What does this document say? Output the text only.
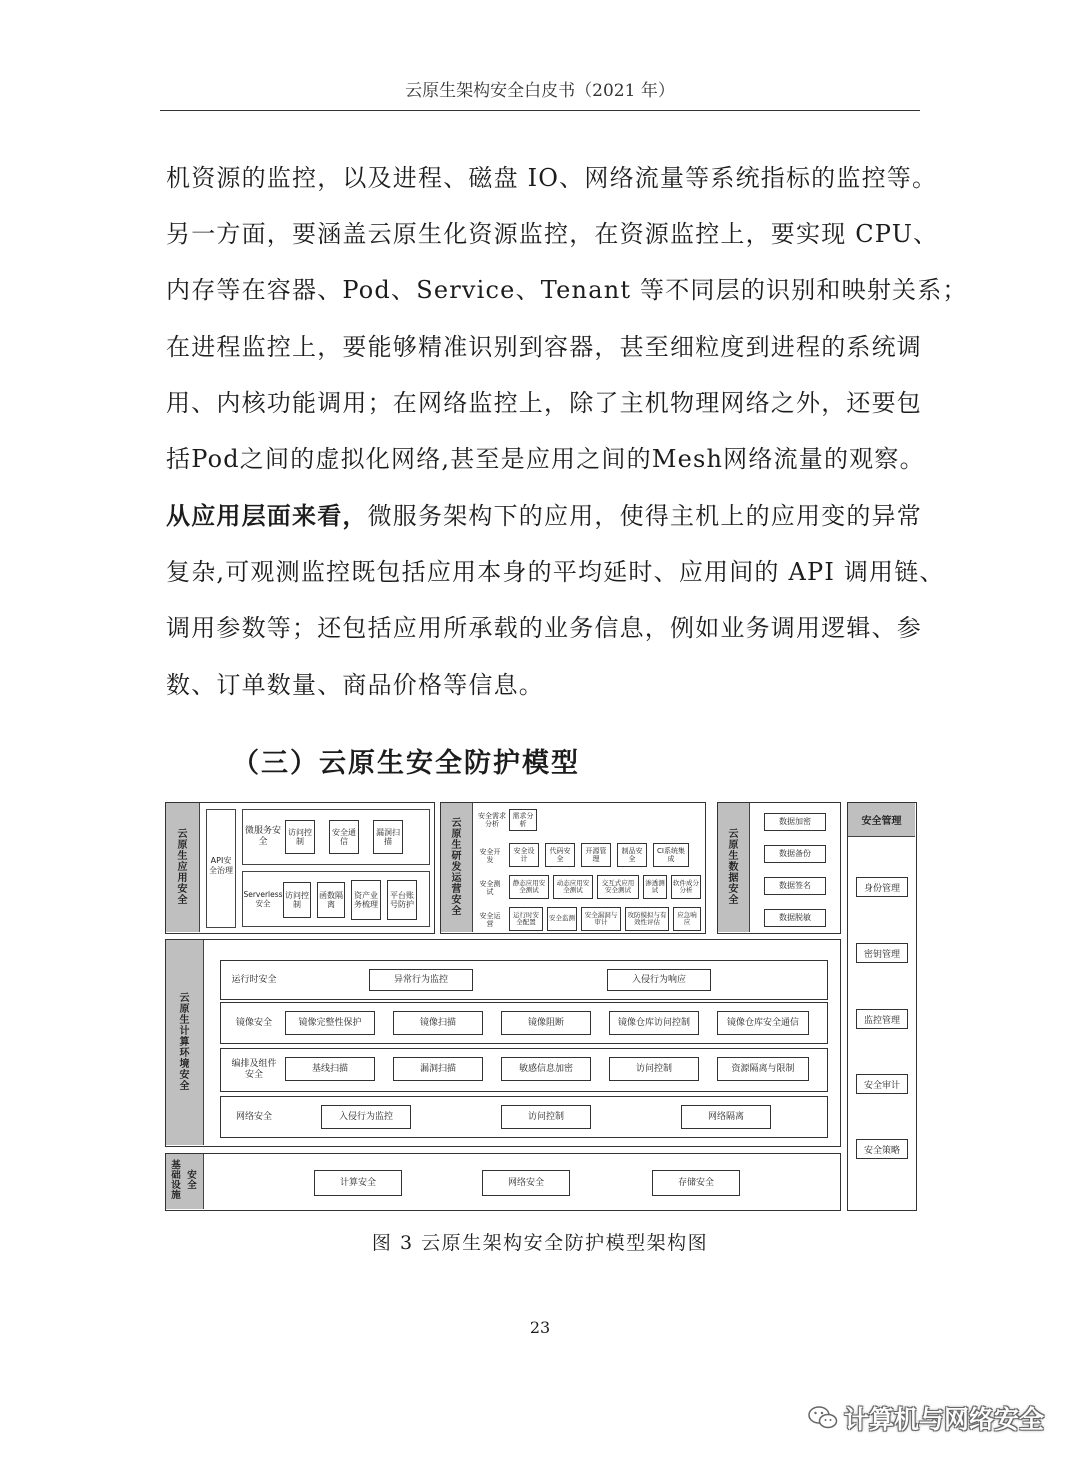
云原生架构安全白皮书（2021 年）
机资源的监控，以及进程、磁盘 IO、网络流量等系统指标的监控等。
另一方面，要涵盖云原生化资源监控，在资源监控上，要实现 CPU、
内存等在容器、Pod、Service、Tenant 等不同层的识别和映射关系；
在进程监控上，要能够精准识别到容器，甚至细粒度到进程的系统调
用、内核功能调用；在网络监控上，除了主机物理网络之外，还要包
括Pod之间的虚拟化网络,甚至是应用之间的Mesh网络流量的观察。
从应用层面来看，微服务架构下的应用，使得主机上的应用变的异常
复杂,可观测监控既包括应用本身的平均延时、应用间的 API 调用链、
调用参数等；还包括应用所承载的业务信息，例如业务调用逻辑、参
数、订单数量、商品价格等信息。
（三）云原生安全防护模型
云
原
生
应
用
安
全
API安全治理
微服务安全
访问控制
安全通信
漏洞扫描
Serverless安全
访问控制
函数隔离
资产业务梳理
平台账号防护
云
原
生
研
发
运
营
安
全
安全需求分析
需求分析
安全开发
安全设计
代码安全
开源管理
制品安全
CI系统集成
安全测试
静态应用安全测试
动态应用安全测试
交互式应用安全测试
渗透测试
软件成分分析
安全运营
运行时安全配置	安全监测	安全漏洞与审计
攻防模拟与有效性评估
应急响应
云
原
生
数
据
安
全
数据加密
数据备份
数据签名
数据脱敏
云
原
生
计
算
环
境
安
全
运行时安全	异常行为监控	入侵行为响应
镜像安全	镜像完整性保护	镜像扫描	镜像阻断	镜像仓库访问控制	镜像仓库安全通信
编排及组件安全
基线扫描	漏洞扫描	敏感信息加密	访问控制	资源隔离与限制
网络安全	入侵行为监控	访问控制	网络隔离
基
础
设
施
安
全	计算安全	网络安全	存储安全
安全管理
身份管理
密钥管理
监控管理
安全审计
安全策略
图 3 云原生架构安全防护模型架构图
23
计算机与网络安全
